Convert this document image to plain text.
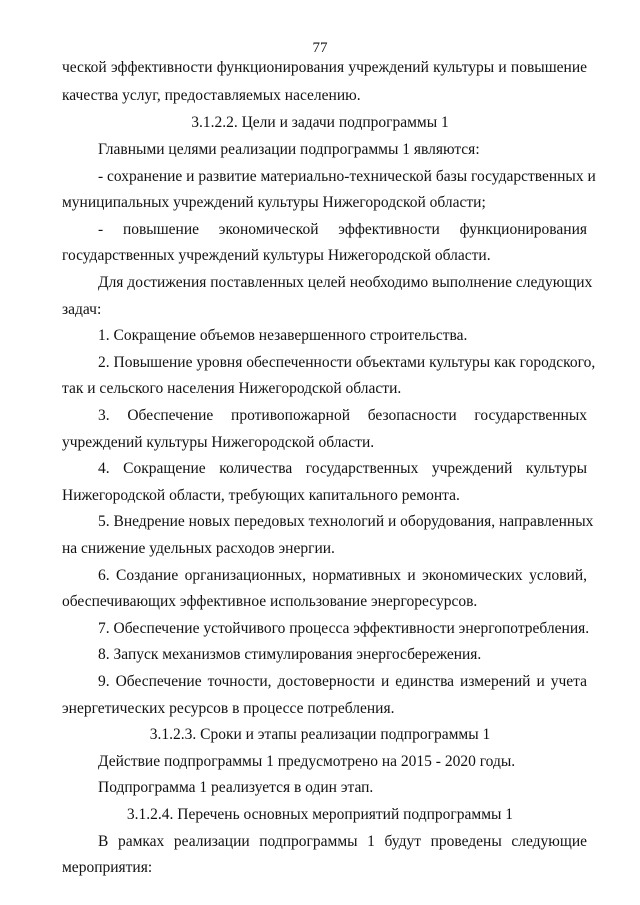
77
ческой эффективности функционирования учреждений культуры и повышение
качества услуг, предоставляемых населению.
3.1.2.2. Цели и задачи подпрограммы 1
Главными целями реализации подпрограммы 1 являются:
- сохранение и развитие материально-технической базы государственных и
муниципальных учреждений культуры Нижегородской области;
- повышение экономической эффективности функционирования
государственных учреждений культуры Нижегородской области.
Для достижения поставленных целей необходимо выполнение следующих
задач:
1. Сокращение объемов незавершенного строительства.
2. Повышение уровня обеспеченности объектами культуры как городского,
так и сельского населения Нижегородской области.
3. Обеспечение противопожарной безопасности государственных
учреждений культуры Нижегородской области.
4. Сокращение количества государственных учреждений культуры
Нижегородской области, требующих капитального ремонта.
5. Внедрение новых передовых технологий и оборудования, направленных
на снижение удельных расходов энергии.
6. Создание организационных, нормативных и экономических условий,
обеспечивающих эффективное использование энергоресурсов.
7. Обеспечение устойчивого процесса эффективности энергопотребления.
8. Запуск механизмов стимулирования энергосбережения.
9. Обеспечение точности, достоверности и единства измерений и учета
энергетических ресурсов в процессе потребления.
3.1.2.3. Сроки и этапы реализации подпрограммы 1
Действие подпрограммы 1 предусмотрено на 2015 - 2020 годы.
Подпрограмма 1 реализуется в один этап.
3.1.2.4. Перечень основных мероприятий подпрограммы 1
В рамках реализации подпрограммы 1 будут проведены следующие
мероприятия:
